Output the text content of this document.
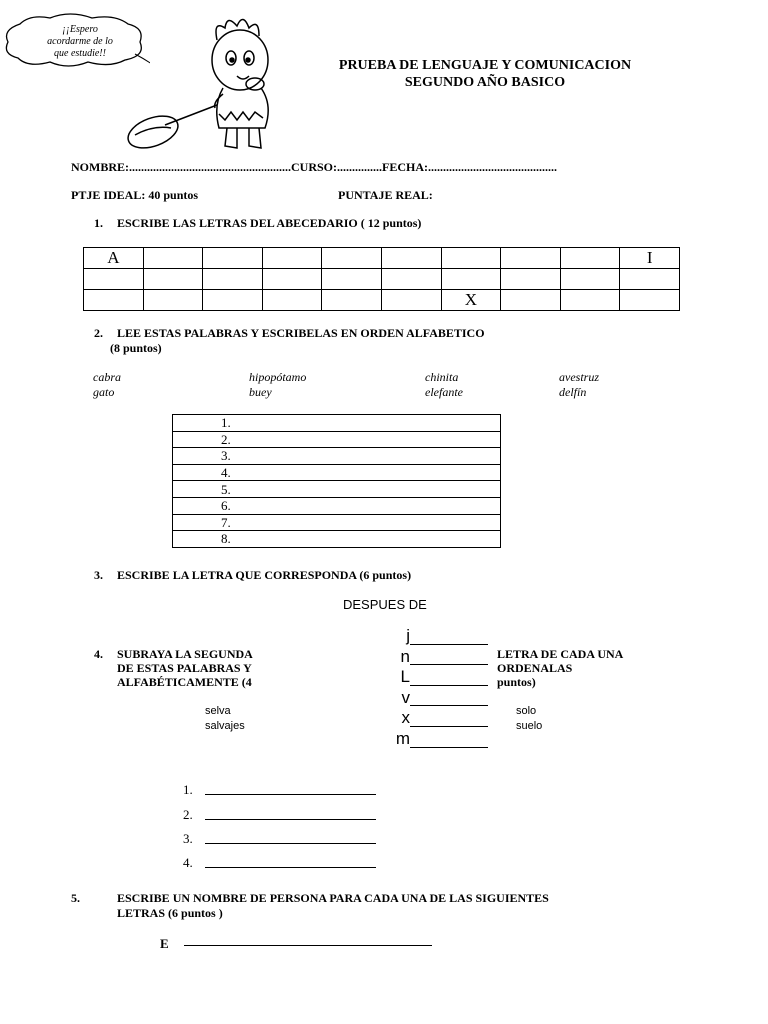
¡¡Espero
acordarme de lo
que estudie!!
PRUEBA DE LENGUAJE Y COMUNICACION
SEGUNDO AÑO BASICO
NOMBRE:......................................................CURSO:...............FECHA:...........................................
PTJE IDEAL: 40 puntos	PUNTAJE REAL:
1. ESCRIBE LAS LETRAS DEL ABECEDARIO ( 12 puntos)
A									I

						X			
2. LEE ESTAS PALABRAS Y ESCRIBELAS EN ORDEN ALFABETICO
(8 puntos)
cabra	hipopótamo	chinita	avestruz
gato	buey	elefante	delfín
1.
2.
3.
4.
5.
6.
7.
8.
3. ESCRIBE LA LETRA QUE CORRESPONDA (6 puntos)
DESPUES DE
j
n
L
v
x
m
4. SUBRAYA LA SEGUNDA
DE ESTAS PALABRAS Y
ALFABÉTICAMENTE (4
LETRA DE CADA UNA
ORDENALAS
puntos)
selva
salvajes
solo
suelo
1.
2.
3.
4.
5.	ESCRIBE UN NOMBRE DE PERSONA PARA CADA UNA DE LAS SIGUIENTES
LETRAS (6 puntos )
E
